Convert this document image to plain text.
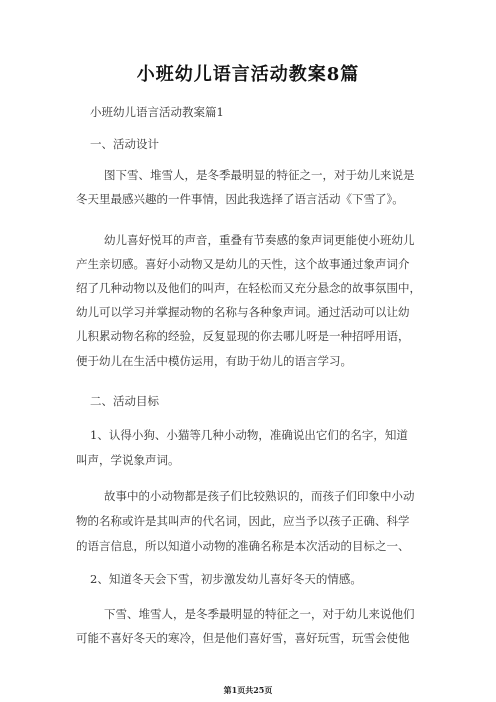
小班幼儿语言活动教案8篇
小班幼儿语言活动教案篇1
一、活动设计
图下雪、堆雪人，是冬季最明显的特征之一，对于幼儿来说是
冬天里最感兴趣的一件事情，因此我选择了语言活动《下雪了》。
幼儿喜好悦耳的声音，重叠有节奏感的象声词更能使小班幼儿
产生亲切感。喜好小动物又是幼儿的天性，这个故事通过象声词介
绍了几种动物以及他们的叫声，在轻松而又充分悬念的故事氛围中，
幼儿可以学习并掌握动物的名称与各种象声词。通过活动可以让幼
儿积累动物名称的经验，反复显现的你去哪儿呀是一种招呼用语，
便于幼儿在生活中模仿运用，有助于幼儿的语言学习。
二、活动目标
1、认得小狗、小猫等几种小动物，准确说出它们的名字，知道
叫声，学说象声词。
故事中的小动物都是孩子们比较熟识的，而孩子们印象中小动
物的名称或许是其叫声的代名词，因此，应当予以孩子正确、科学
的语言信息，所以知道小动物的准确名称是本次活动的目标之一、
2、知道冬天会下雪，初步激发幼儿喜好冬天的情感。
下雪、堆雪人，是冬季最明显的特征之一，对于幼儿来说他们
可能不喜好冬天的寒冷，但是他们喜好雪，喜好玩雪，玩雪会使他
第1页共25页
